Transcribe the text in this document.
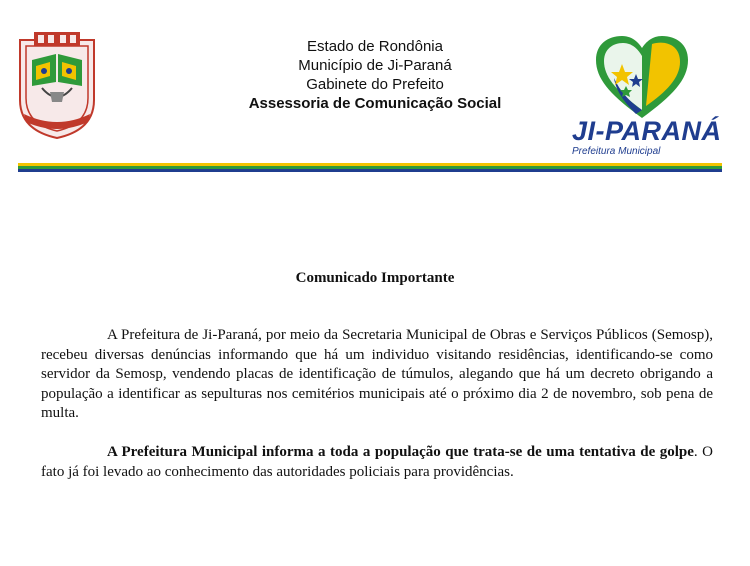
Estado de Rondônia
Município de Ji-Paraná
Gabinete do Prefeito
Assessoria de Comunicação Social
JI-PARANÁ
Prefeitura Municipal
Comunicado Importante

A Prefeitura de Ji-Paraná, por meio da Secretaria Municipal de Obras e Serviços Públicos (Semosp), recebeu diversas denúncias informando que há um individuo visitando residências, identificando-se como servidor da Semosp, vendendo placas de identificação de túmulos, alegando que há um decreto obrigando a população a identificar as sepulturas nos cemitérios municipais até o próximo dia 2 de novembro, sob pena de multa.

A Prefeitura Municipal informa a toda a população que trata-se de uma tentativa de golpe. O fato já foi levado ao conhecimento das autoridades policiais para providências.
